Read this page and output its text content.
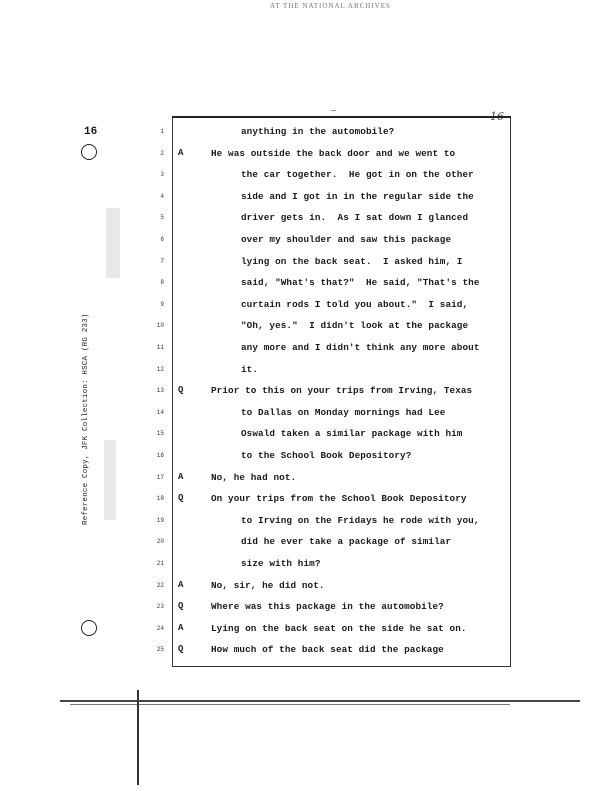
AT THE NATIONAL ARCHIVES
~	16
16
Reference Copy, JFK Collection: HSCA (RG 233)
1	anything in the automobile?
2 A	He was outside the back door and we went to
3	the car together.  He got in on the other
4	side and I got in in the regular side the
5	driver gets in.  As I sat down I glanced
6	over my shoulder and saw this package
7	lying on the back seat.  I asked him, I
8	said, "What's that?"  He said, "That's the
9	curtain rods I told you about."  I said,
10	"Oh, yes."  I didn't look at the package
11	any more and I didn't think any more about
12	it.
13 Q	Prior to this on your trips from Irving, Texas
14	to Dallas on Monday mornings had Lee
15	Oswald taken a similar package with him
16	to the School Book Depository?
17 A	No, he had not.
18 Q	On your trips from the School Book Depository
19	to Irving on the Fridays he rode with you,
20	did he ever take a package of similar
21	size with him?
22 A	No, sir, he did not.
23 Q	Where was this package in the automobile?
24 A	Lying on the back seat on the side he sat on.
25 Q	How much of the back seat did the package
